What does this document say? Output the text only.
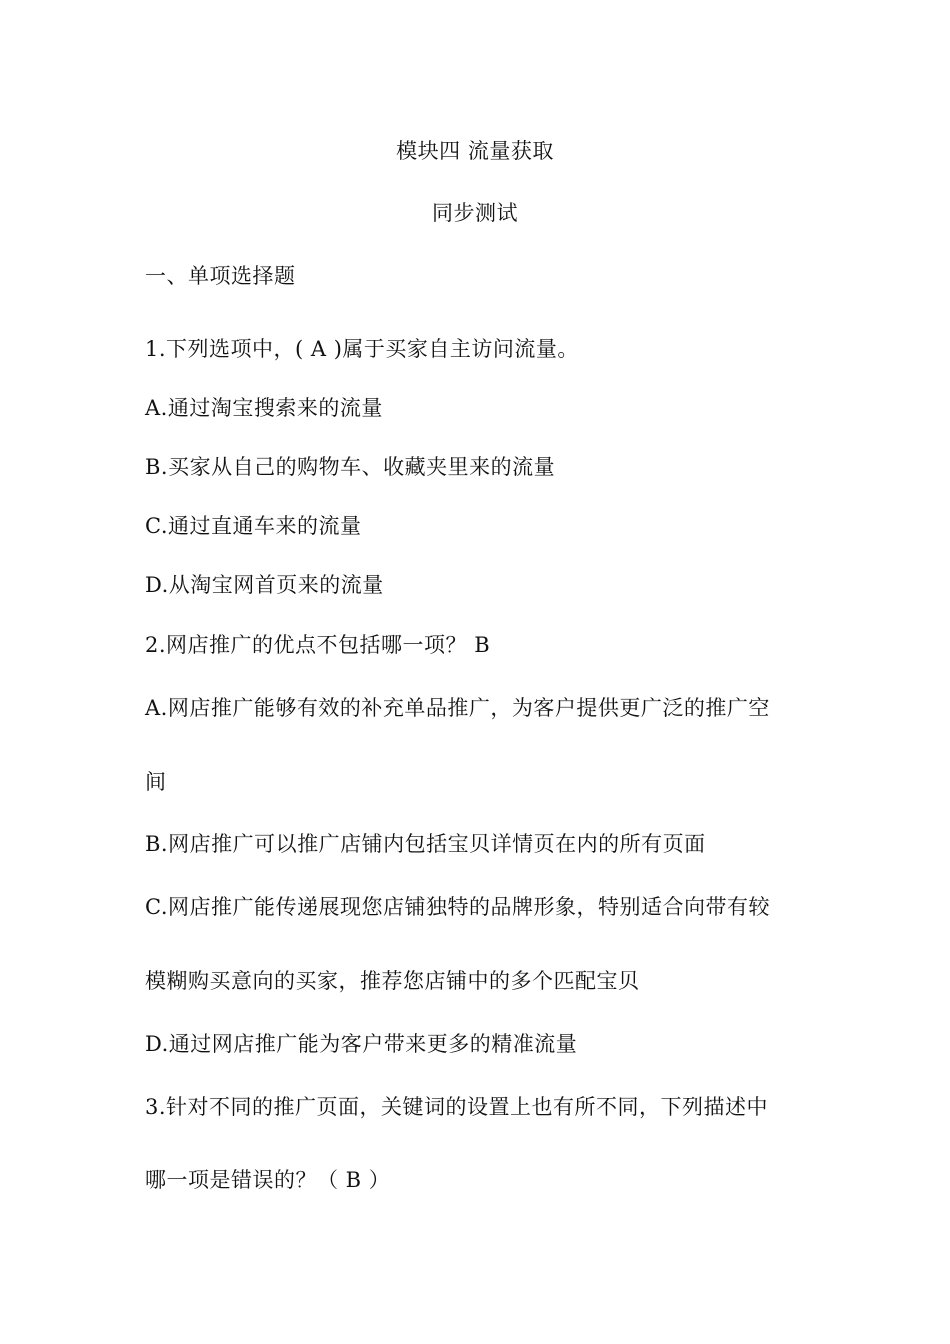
模块四 流量获取
同步测试
一、单项选择题
1.下列选项中，( A )属于买家自主访问流量。
A.通过淘宝搜索来的流量
B.买家从自己的购物车、收藏夹里来的流量
C.通过直通车来的流量
D.从淘宝网首页来的流量
2.网店推广的优点不包括哪一项？ B
A.网店推广能够有效的补充单品推广，为客户提供更广泛的推广空
间
B.网店推广可以推广店铺内包括宝贝详情页在内的所有页面
C.网店推广能传递展现您店铺独特的品牌形象，特别适合向带有较
模糊购买意向的买家，推荐您店铺中的多个匹配宝贝
D.通过网店推广能为客户带来更多的精准流量
3.针对不同的推广页面，关键词的设置上也有所不同，下列描述中
哪一项是错误的？（ B ）
